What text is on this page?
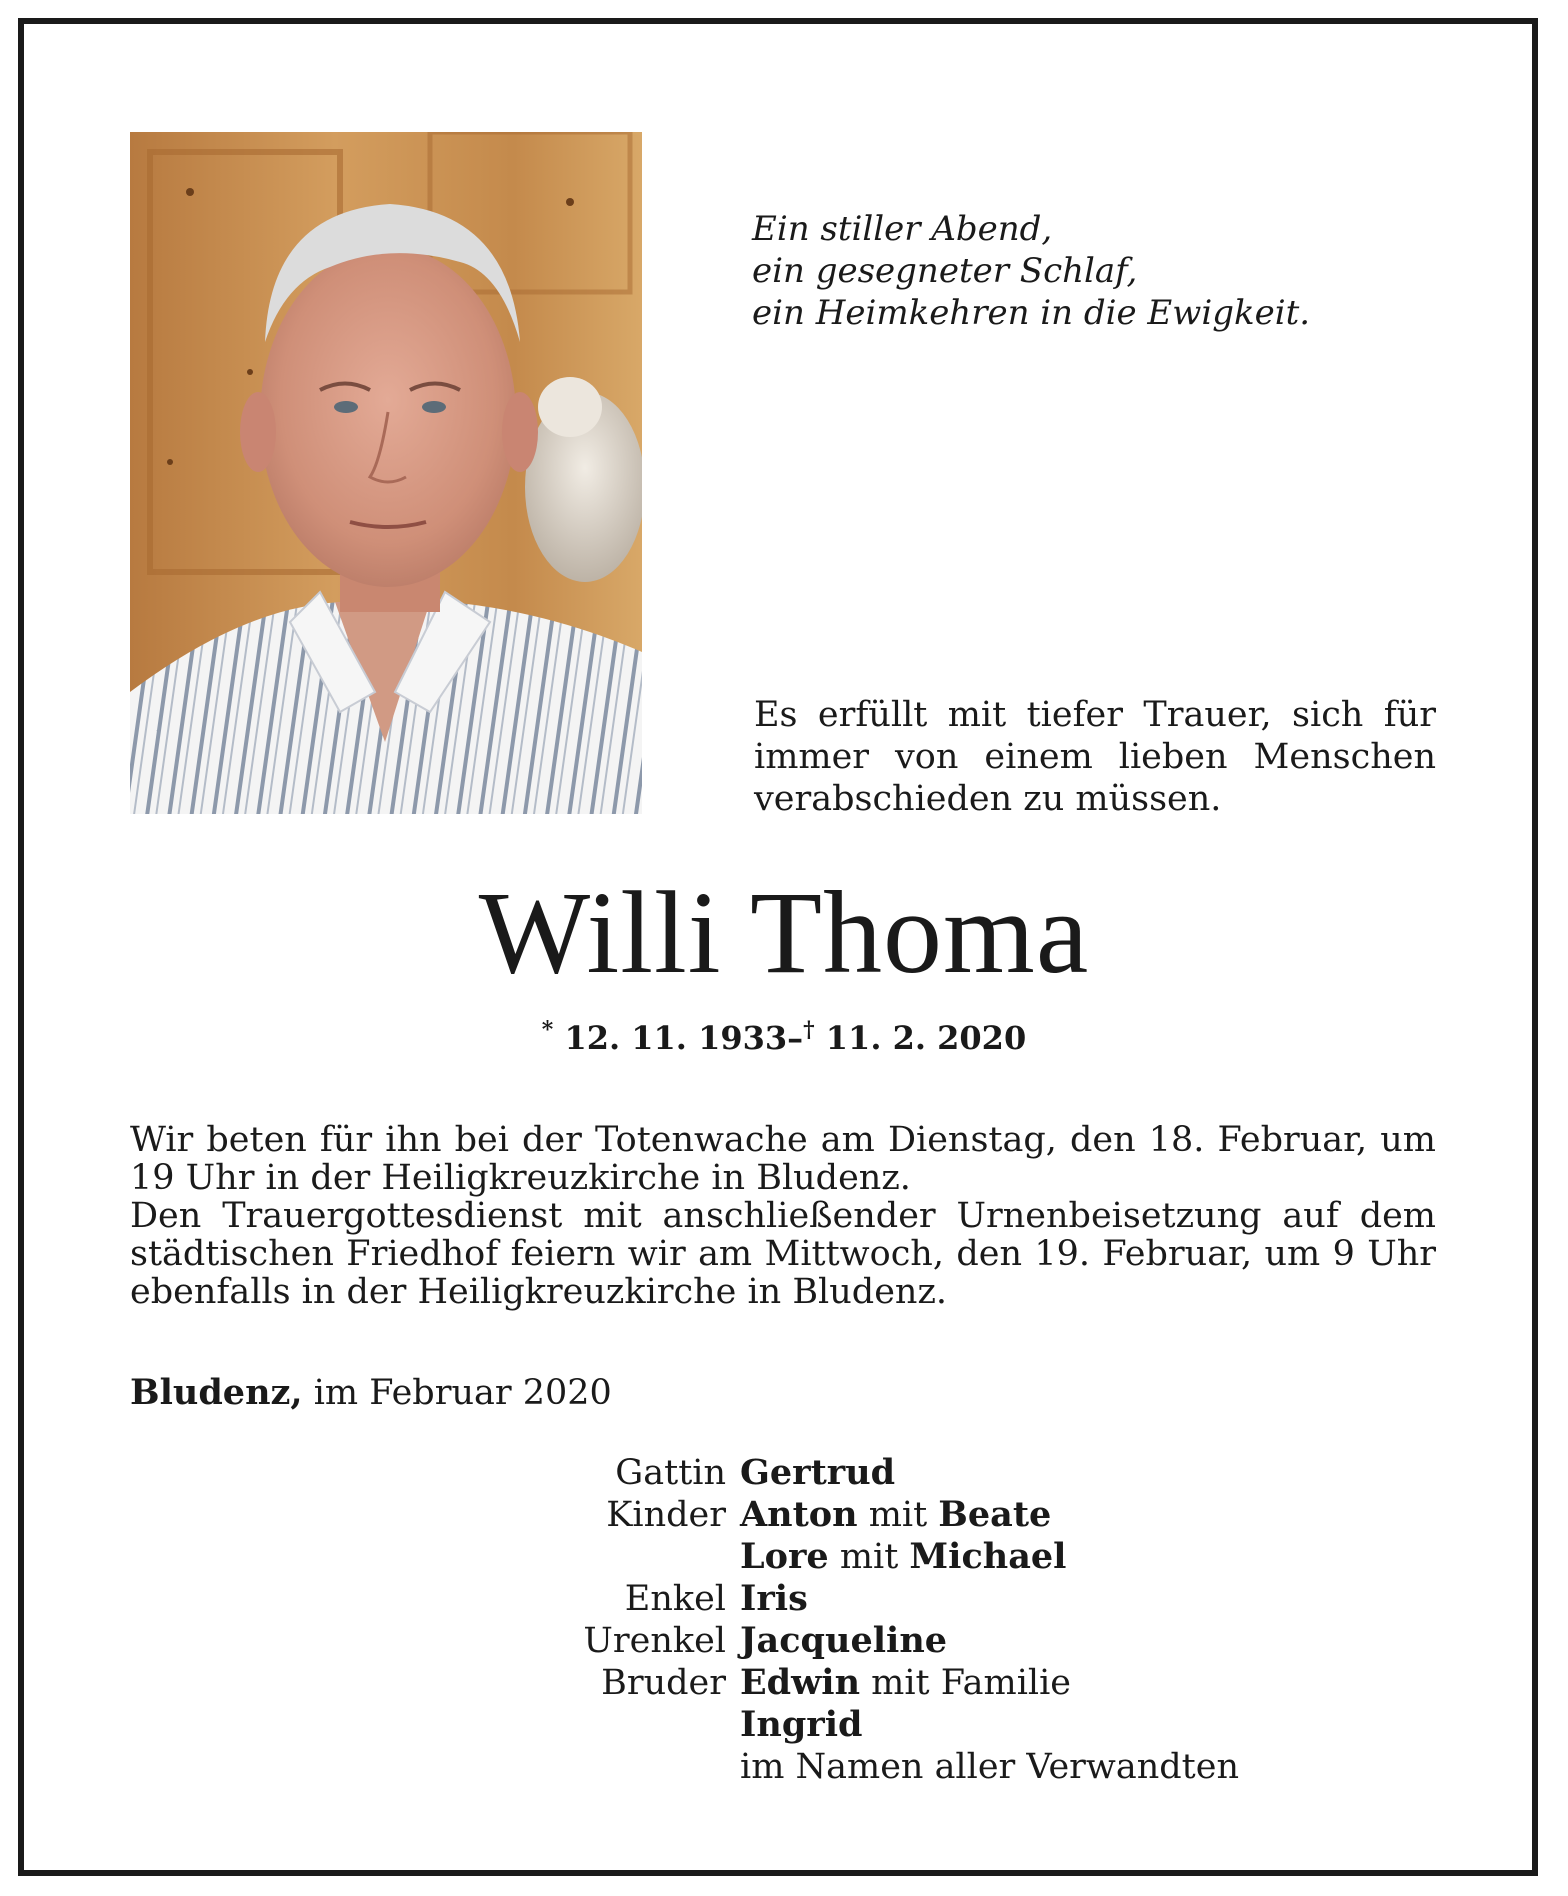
Ein stiller Abend,
ein gesegneter Schlaf,
ein Heimkehren in die Ewigkeit.
Es erfüllt mit tiefer Trauer, sich für immer von einem lieben Menschen verabschieden zu müssen.
Willi Thoma
* 12. 11. 1933–† 11. 2. 2020

Wir beten für ihn bei der Totenwache am Dienstag, den 18. Februar, um 19 Uhr in der Heiligkreuzkirche in Bludenz.

Den Trauergottesdienst mit anschließender Urnenbeisetzung auf dem städtischen Friedhof feiern wir am Mittwoch, den 19. Februar, um 9 Uhr ebenfalls in der Heiligkreuzkirche in Bludenz.

Bludenz, im Februar 2020
Gattin Gertrud
Kinder Anton mit Beate
Lore mit Michael
Enkel Iris
Urenkel Jacqueline
Bruder Edwin mit Familie
Ingrid
im Namen aller Verwandten
